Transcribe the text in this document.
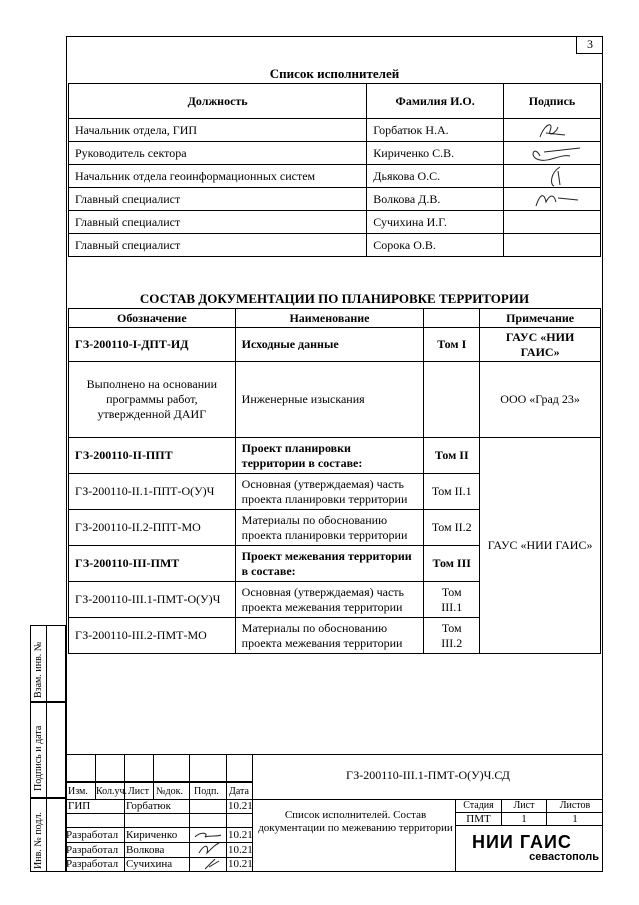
3
Список исполнителей
Должность	Фамилия И.О.	Подпись
Начальник отдела, ГИП	Горбатюк Н.А.	

Руководитель сектора	Кириченко С.В.	

Начальник отдела геоинформационных систем	Дьякова О.С.	

Главный специалист	Волкова Д.В.	

Главный специалист	Сучихина И.Г.	
Главный специалист	Сорока О.В.	
СОСТАВ ДОКУМЕНТАЦИИ ПО ПЛАНИРОВКЕ ТЕРРИТОРИИ
Обозначение	Наименование		Примечание
ГЗ-200110-I-ДПТ-ИД	Исходные данные	Том I	ГАУС «НИИ ГАИС»
Выполнено на основании программы работ, утвержденной ДАИГ	Инженерные изыскания		ООО «Град 23»
ГЗ-200110-II-ППТ	Проект планировки территории в составе:	Том II	ГАУС «НИИ ГАИС»
ГЗ-200110-II.1-ППТ-О(У)Ч	Основная (утверждаемая) часть проекта планировки территории	Том II.1	
ГЗ-200110-II.2-ППТ-МО	Материалы по обоснованию проекта планировки территории	Том II.2	
ГЗ-200110-III-ПМТ	Проект межевания территории в составе:	Том III	
ГЗ-200110-III.1-ПМТ-О(У)Ч	Основная (утверждаемая) часть проекта межевания территории	Том III.1	
ГЗ-200110-III.2-ПМТ-МО	Материалы по обоснованию проекта межевания территории	Том III.2	
Взам. инв. №
Подпись и дата
Инв. № подл.
Изм. Кол.уч. Лист №док. Подп. Дата
ГИП	Горбатюк	10.21
Разработал Кириченко	10.21
Разработал Волкова	10.21
Разработал Сучихина	10.21
ГЗ-200110-III.1-ПМТ-О(У)Ч.СД
Список исполнителей. Состав документации по межеванию территории
Стадия	Лист	Листов
ПМТ	1	1
НИИ ГАИС
севастополь
